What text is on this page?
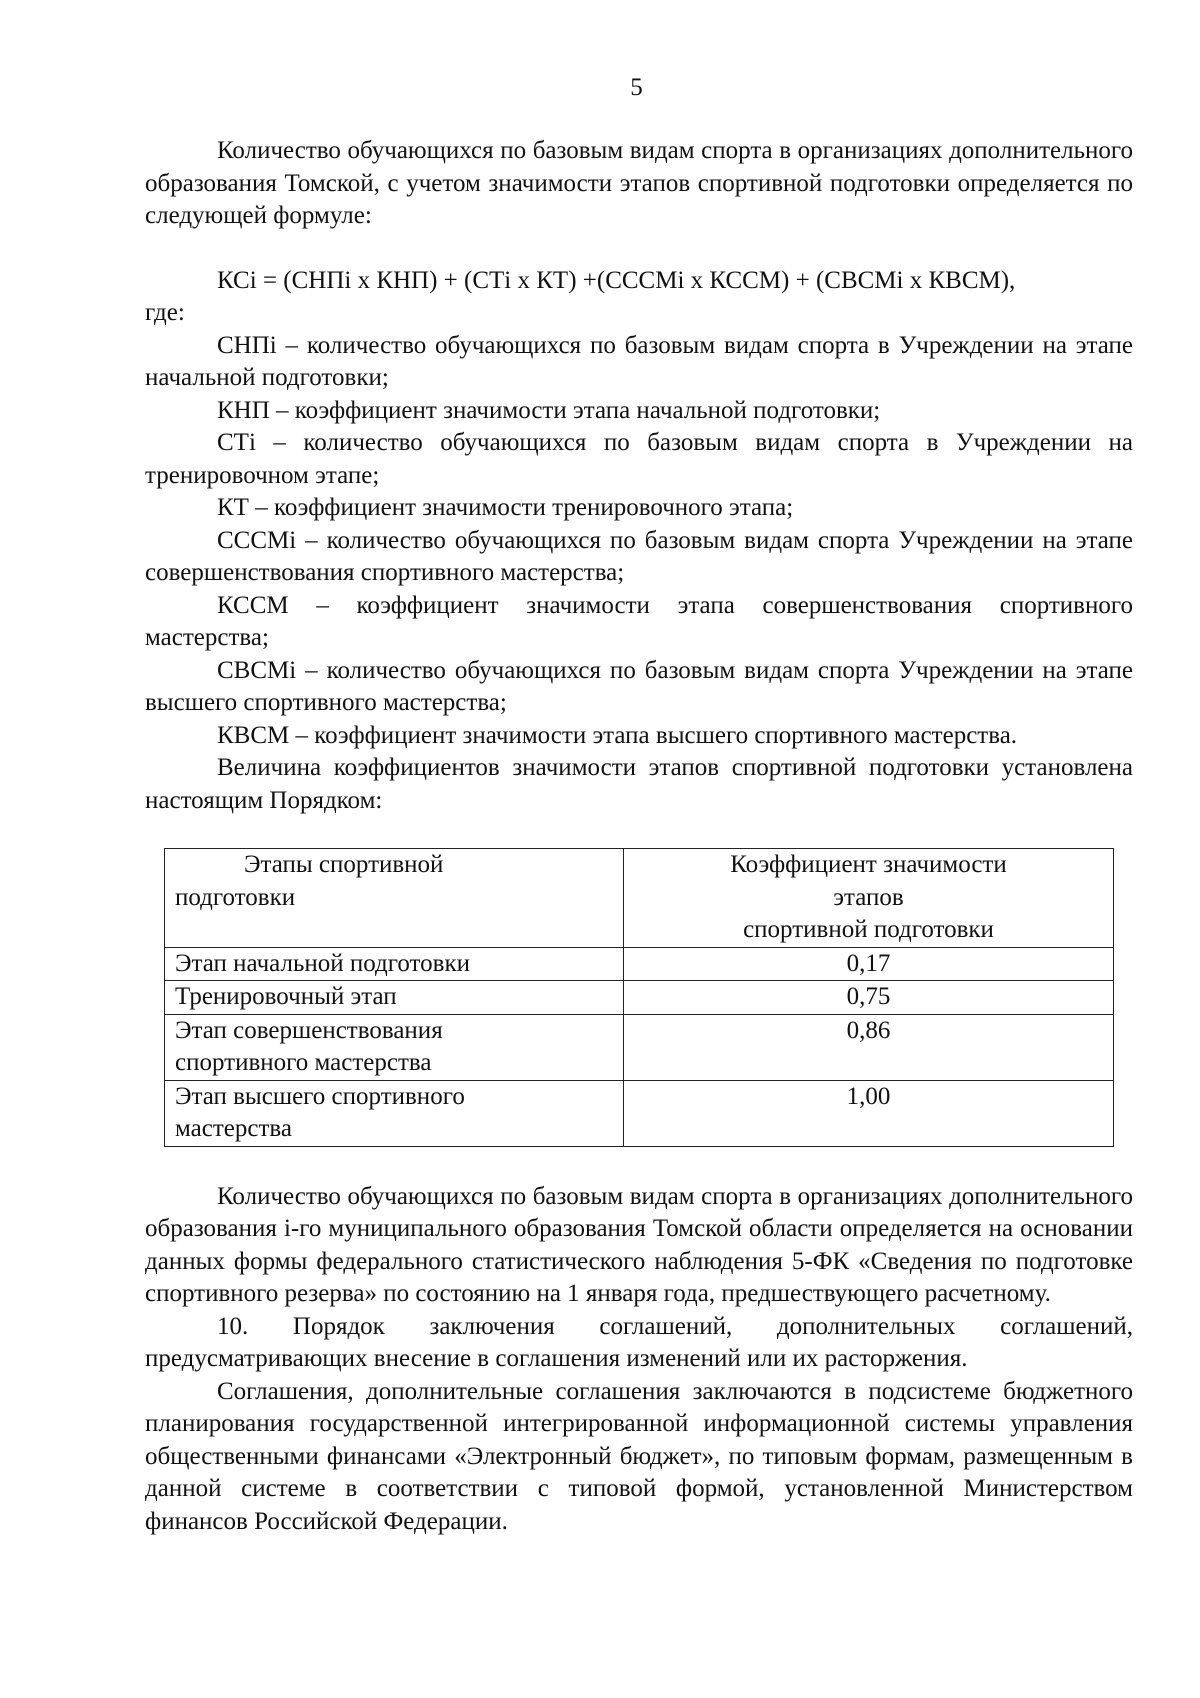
5

Количество обучающихся по базовым видам спорта в организациях дополнительного образования Томской, с учетом значимости этапов спортивной подготовки определяется по следующей формуле:

КСi = (СНПi x КНП) + (СТi x КТ) +(СССМi x КССМ) + (СВСМi x КВСМ),

где:

СНПi – количество обучающихся по базовым видам спорта в Учреждении на этапе начальной подготовки;

КНП – коэффициент значимости этапа начальной подготовки;

СТi – количество обучающихся по базовым видам спорта в Учреждении на тренировочном этапе;

КТ – коэффициент значимости тренировочного этапа;

СССМi – количество обучающихся по базовым видам спорта Учреждении на этапе совершенствования спортивного мастерства;

КССМ – коэффициент значимости этапа совершенствования спортивного мастерства;

СВСМi – количество обучающихся по базовым видам спорта Учреждении на этапе высшего спортивного мастерства;

КВСМ – коэффициент значимости этапа высшего спортивного мастерства.

Величина коэффициентов значимости этапов спортивной подготовки установлена настоящим Порядком:

Этапы спортивной
подготовки	Коэффициент значимости
этапов
спортивной подготовки

Этап начальной подготовки	0,17

Тренировочный этап	0,75

Этап совершенствования
спортивного мастерства	0,86

Этап высшего спортивного
мастерства	1,00

Количество обучающихся по базовым видам спорта в организациях дополнительного образования i-го муниципального образования Томской области определяется на основании данных формы федерального статистического наблюдения 5-ФК «Сведения по подготовке спортивного резерва» по состоянию на 1 января года, предшествующего расчетному.

10. Порядок заключения соглашений, дополнительных соглашений, предусматривающих внесение в соглашения изменений или их расторжения.

Соглашения, дополнительные соглашения заключаются в подсистеме бюджетного планирования государственной интегрированной информационной системы управления общественными финансами «Электронный бюджет», по типовым формам, размещенным в данной системе в соответствии с типовой формой, установленной Министерством финансов Российской Федерации.
